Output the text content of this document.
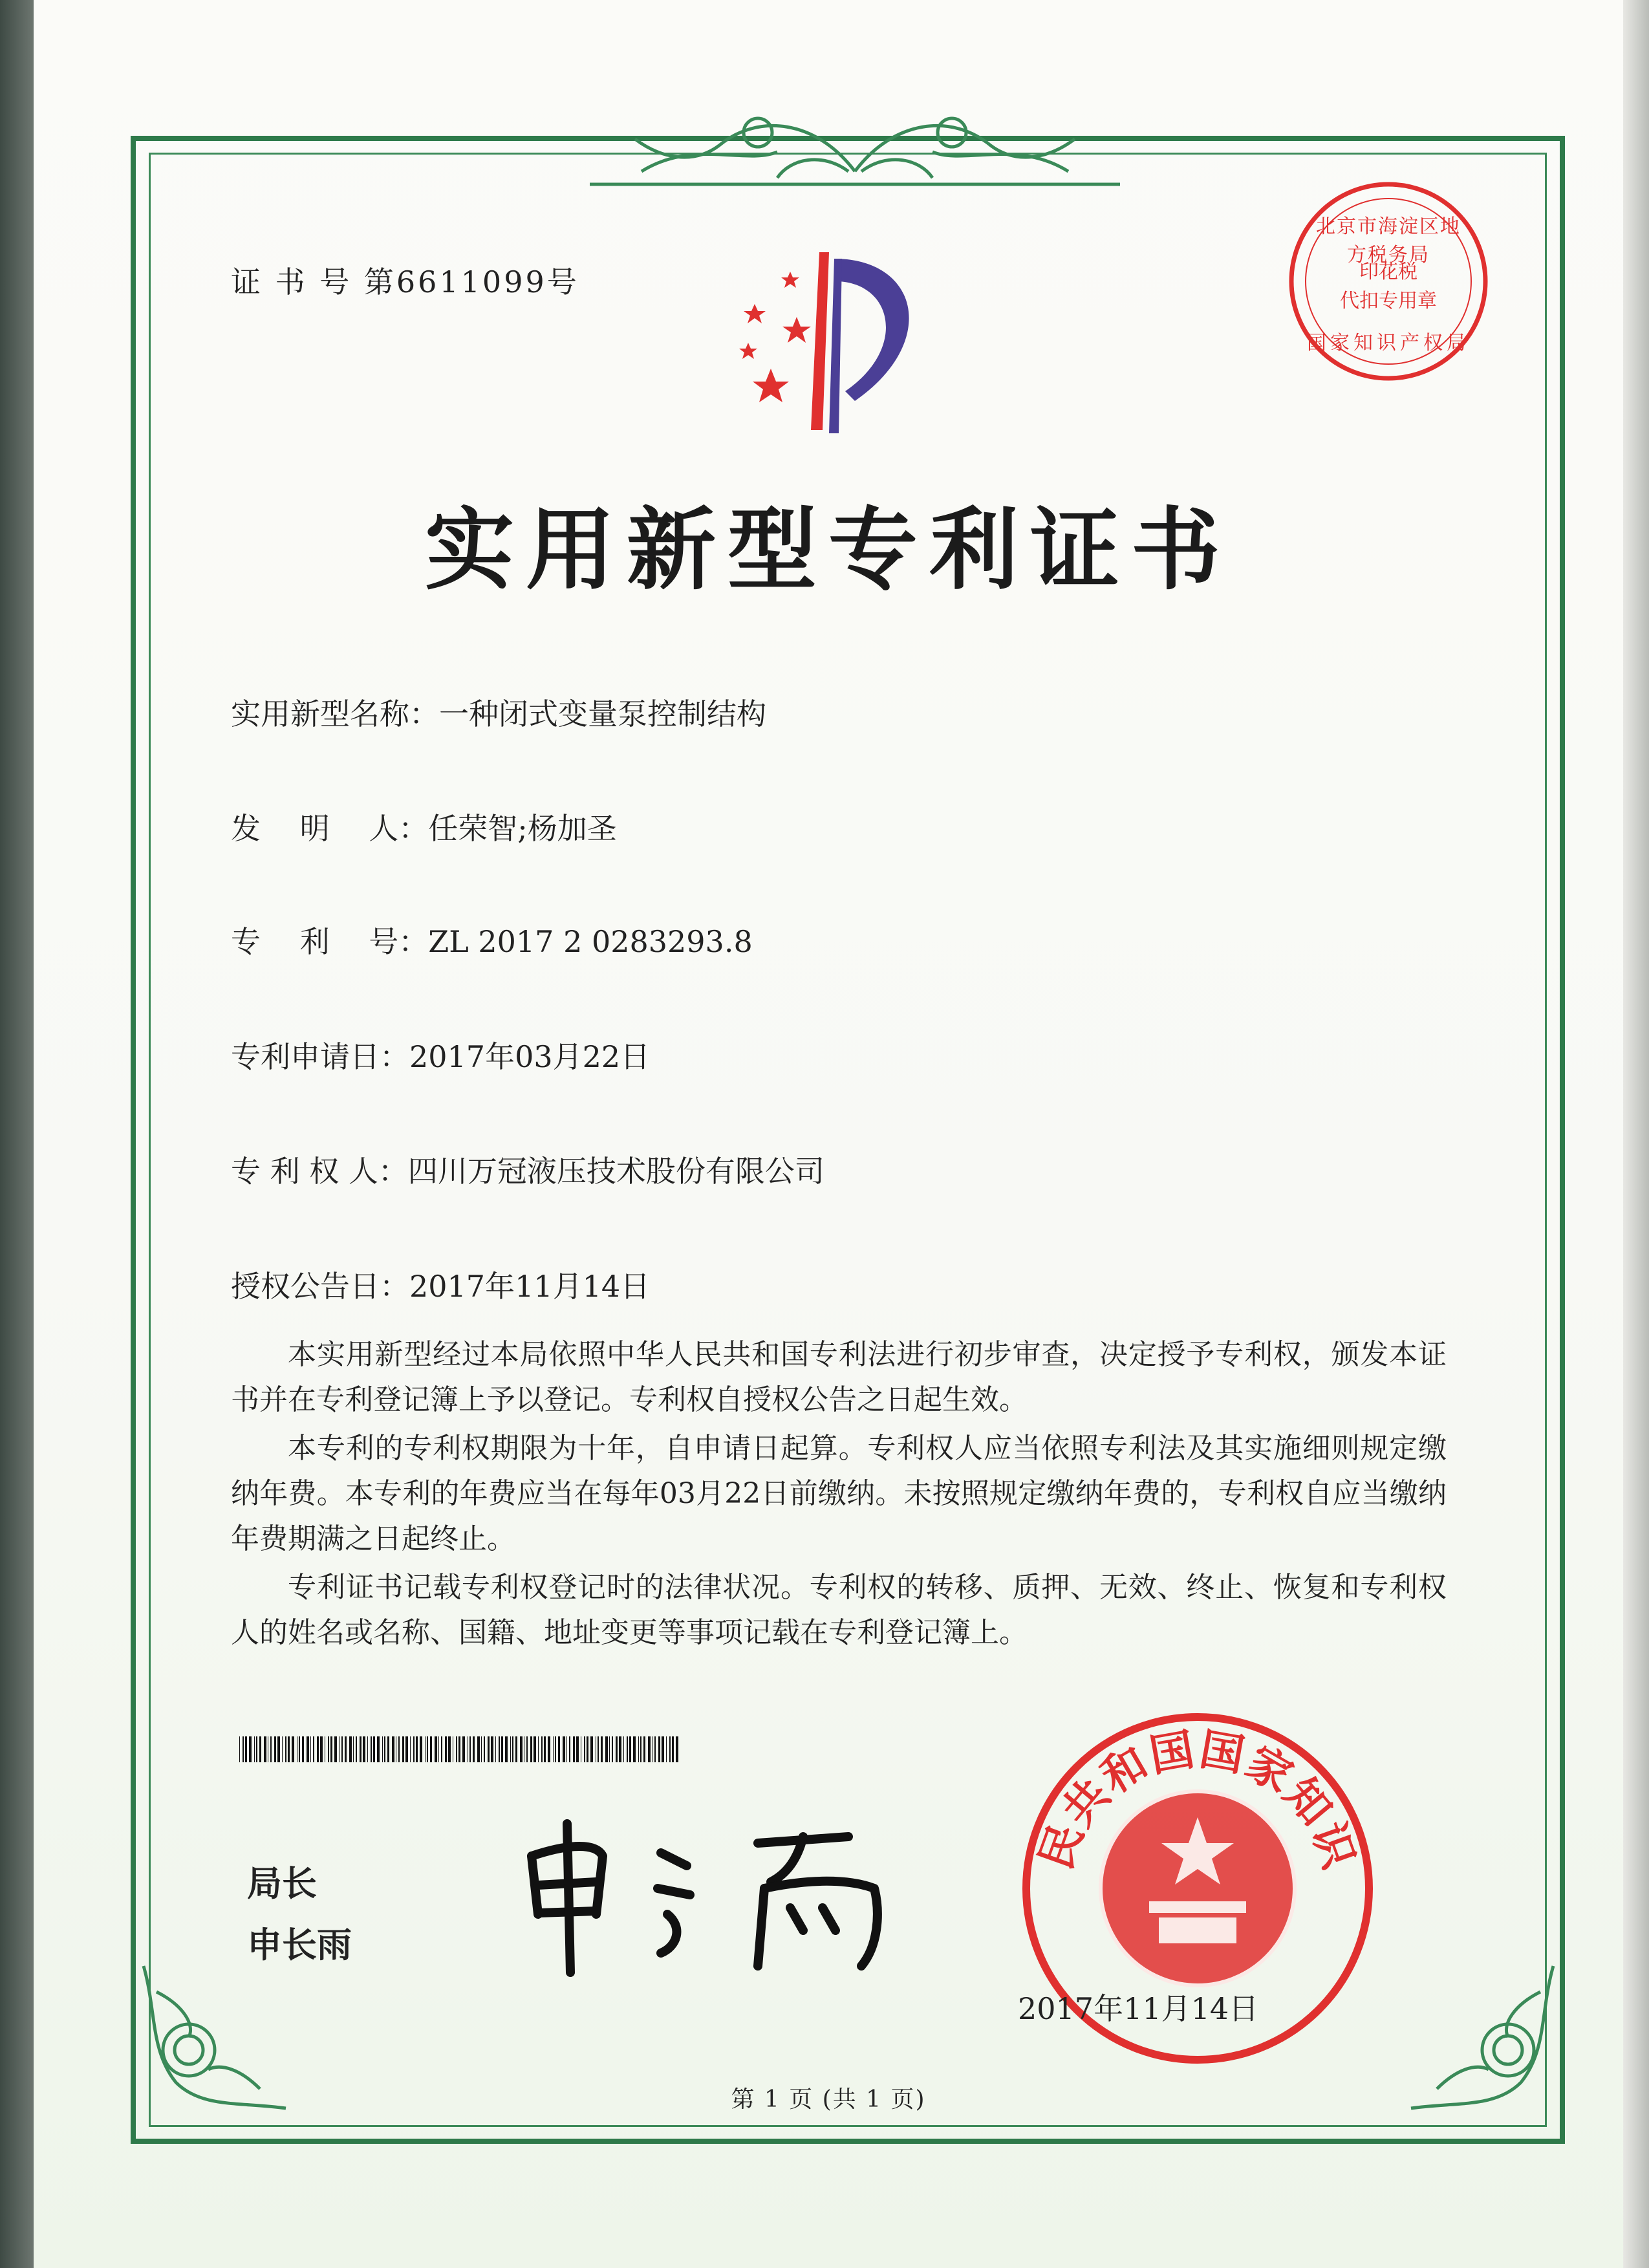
证 书 号 第6611099号
北京市海淀区地方税务局
印花税
代扣专用章
国家知识产权局
实用新型专利证书
实用新型名称：一种闭式变量泵控制结构
发　 明 　人：任荣智;杨加圣
专　 利 　号：ZL 2017 2 0283293.8
专利申请日：2017年03月22日
专 利 权 人：四川万冠液压技术股份有限公司
授权公告日：2017年11月14日
本实用新型经过本局依照中华人民共和国专利法进行初步审查，决定授予专利权，颁发本证书并在专利登记簿上予以登记。专利权自授权公告之日起生效。
本专利的专利权期限为十年，自申请日起算。专利权人应当依照专利法及其实施细则规定缴纳年费。本专利的年费应当在每年03月22日前缴纳。未按照规定缴纳年费的，专利权自应当缴纳年费期满之日起终止。
专利证书记载专利权登记时的法律状况。专利权的转移、质押、无效、终止、恢复和专利权人的姓名或名称、国籍、地址变更等事项记载在专利登记簿上。
局长
申长雨
民共和国国家知识
2017年11月14日
第 1 页 (共 1 页)
